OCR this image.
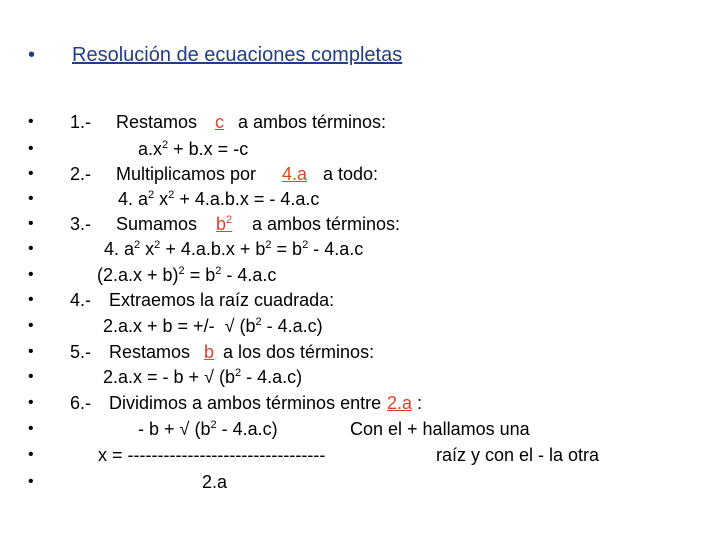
• Resolución de ecuaciones completas
• 1.- Restamos c a ambos términos:
•	$a.x^2 + b.x = -c$
• 2.- Multiplicamos por 4.a a todo:
•	4. $a^2$ $x^2 + 4.a.b.x$ = - 4.a.c
• 3.- Sumamos $b^2$ a ambos términos:
•	4. $a^2$ $x^2 + 4.a.b.x + b^2 = b^2 - 4.a.c$
•	$(2.a.x + b)^2 = b^2 - 4.a.c$
• 4.- Extraemos la raíz cuadrada:
•	2.a.x + b = +/- √ $(b^2 - 4.a.c)$
• 5.- Restamos b a los dos términos:
•	2.a.x = - b + √ $(b^2 - 4.a.c)$
• 6.- Dividimos a ambos términos entre 2.a :
•	- b + √ $(b^2 - 4.a.c)$	Con el + hallamos una
•	x = ---------------------------------	raíz y con el - la otra
•	2.a
